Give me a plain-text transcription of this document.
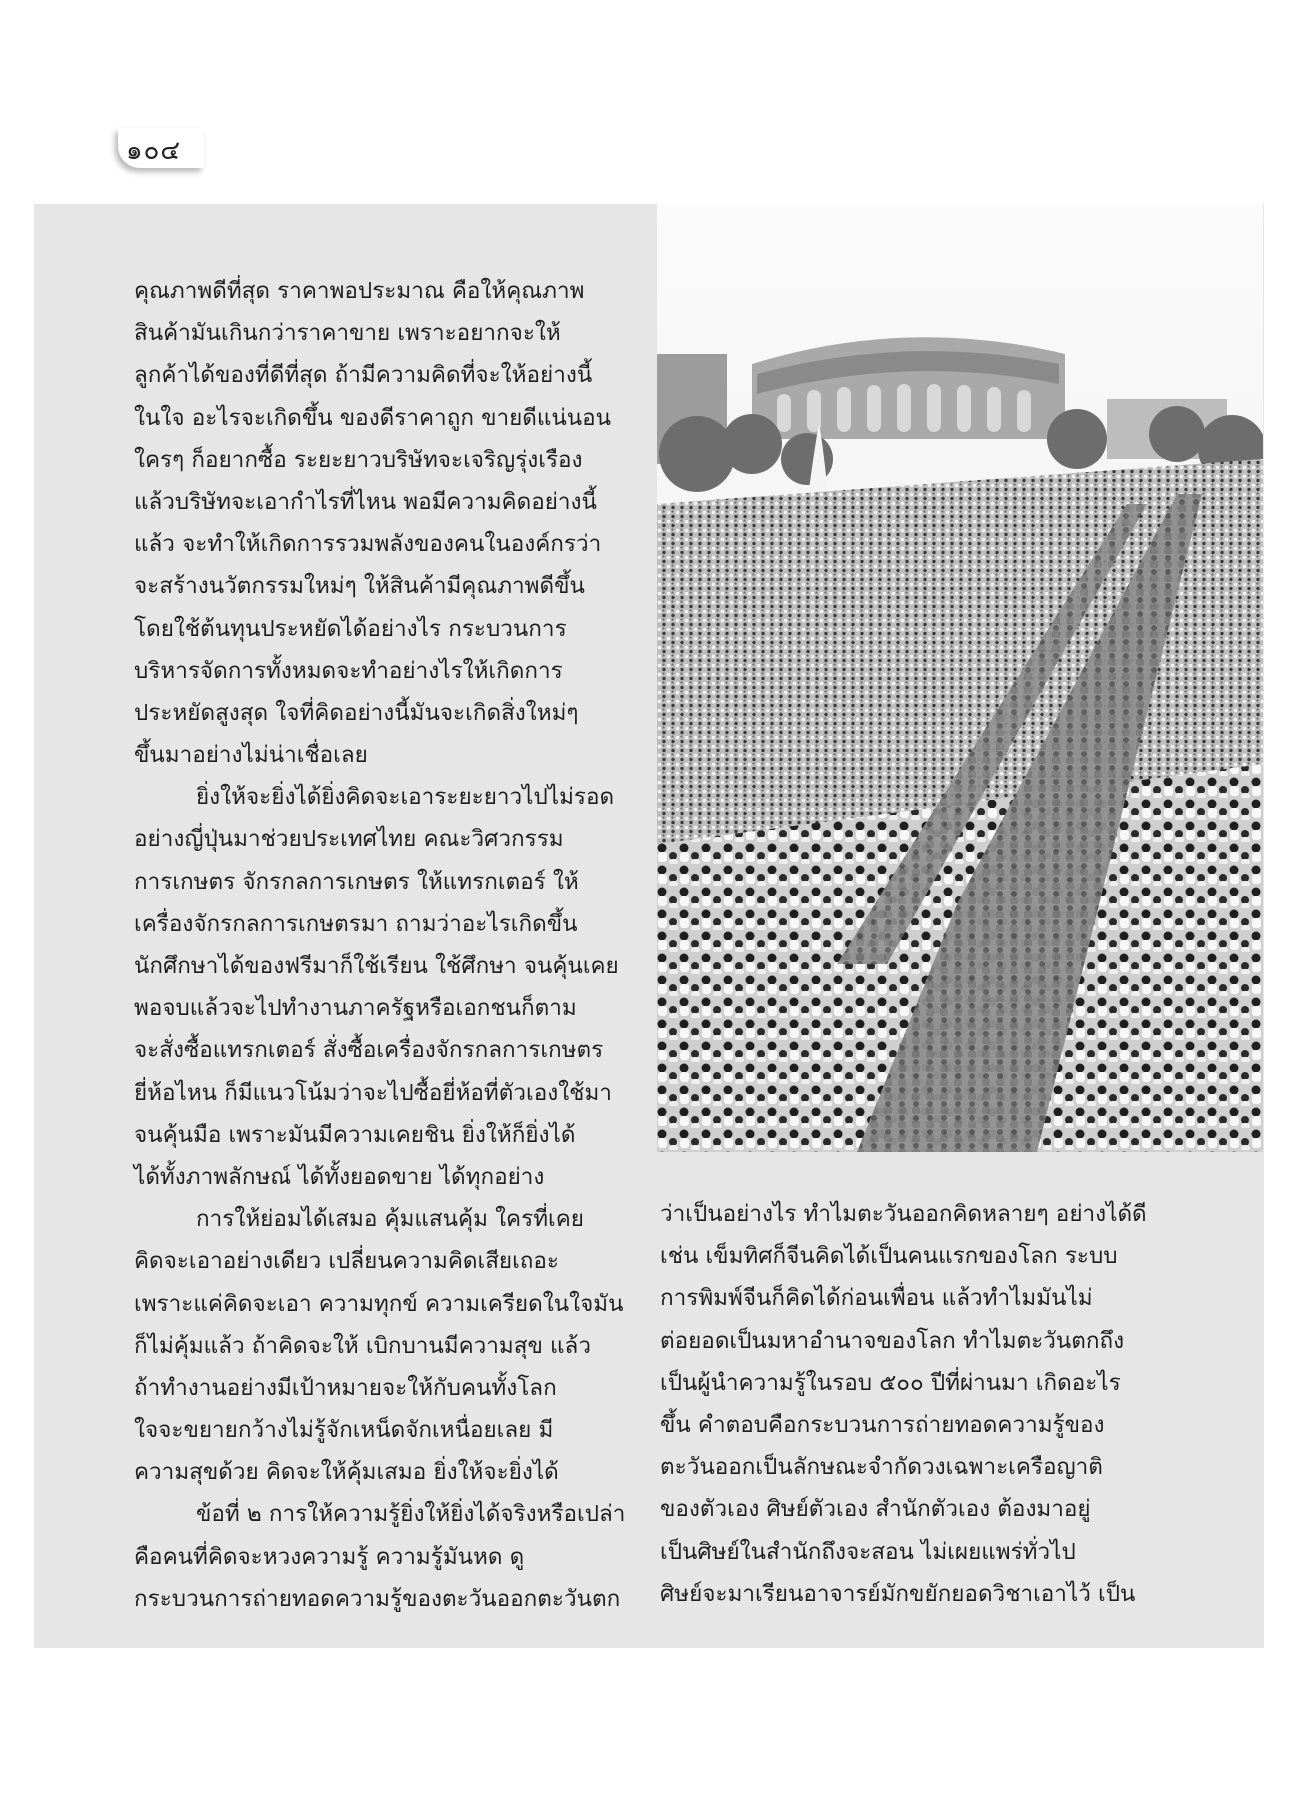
๑๐๔
คุณภาพดีที่สุด ราคาพอประมาณ คือให้คุณภาพ
สินค้ามันเกินกว่าราคาขาย เพราะอยากจะให้
ลูกค้าได้ของที่ดีที่สุด ถ้ามีความคิดที่จะให้อย่างนี้
ในใจ อะไรจะเกิดขึ้น ของดีราคาถูก ขายดีแน่นอน
ใครๆ ก็อยากซื้อ ระยะยาวบริษัทจะเจริญรุ่งเรือง
แล้วบริษัทจะเอากำไรที่ไหน พอมีความคิดอย่างนี้
แล้ว จะทำให้เกิดการรวมพลังของคนในองค์กรว่า
จะสร้างนวัตกรรมใหม่ๆ ให้สินค้ามีคุณภาพดีขึ้น
โดยใช้ต้นทุนประหยัดได้อย่างไร กระบวนการ
บริหารจัดการทั้งหมดจะทำอย่างไรให้เกิดการ
ประหยัดสูงสุด ใจที่คิดอย่างนี้มันจะเกิดสิ่งใหม่ๆ
ขึ้นมาอย่างไม่น่าเชื่อเลย
ยิ่งให้จะยิ่งได้ยิ่งคิดจะเอาระยะยาวไปไม่รอด
อย่างญี่ปุ่นมาช่วยประเทศไทย คณะวิศวกรรม
การเกษตร จักรกลการเกษตร ให้แทรกเตอร์ ให้
เครื่องจักรกลการเกษตรมา ถามว่าอะไรเกิดขึ้น
นักศึกษาได้ของฟรีมาก็ใช้เรียน ใช้ศึกษา จนคุ้นเคย
พอจบแล้วจะไปทำงานภาครัฐหรือเอกชนก็ตาม
จะสั่งซื้อแทรกเตอร์ สั่งซื้อเครื่องจักรกลการเกษตร
ยี่ห้อไหน ก็มีแนวโน้มว่าจะไปซื้อยี่ห้อที่ตัวเองใช้มา
จนคุ้นมือ เพราะมันมีความเคยชิน ยิ่งให้ก็ยิ่งได้
ได้ทั้งภาพลักษณ์ ได้ทั้งยอดขาย ได้ทุกอย่าง
การให้ย่อมได้เสมอ คุ้มแสนคุ้ม ใครที่เคย
คิดจะเอาอย่างเดียว เปลี่ยนความคิดเสียเถอะ
เพราะแค่คิดจะเอา ความทุกข์ ความเครียดในใจมัน
ก็ไม่คุ้มแล้ว ถ้าคิดจะให้ เบิกบานมีความสุข แล้ว
ถ้าทำงานอย่างมีเป้าหมายจะให้กับคนทั้งโลก
ใจจะขยายกว้างไม่รู้จักเหน็ดจักเหนื่อยเลย มี
ความสุขด้วย คิดจะให้คุ้มเสมอ ยิ่งให้จะยิ่งได้
ข้อที่ ๒ การให้ความรู้ยิ่งให้ยิ่งได้จริงหรือเปล่า
คือคนที่คิดจะหวงความรู้ ความรู้มันหด ดู
กระบวนการถ่ายทอดความรู้ของตะวันออกตะวันตก
ว่าเป็นอย่างไร ทำไมตะวันออกคิดหลายๆ อย่างได้ดี
เช่น เข็มทิศก็จีนคิดได้เป็นคนแรกของโลก ระบบ
การพิมพ์จีนก็คิดได้ก่อนเพื่อน แล้วทำไมมันไม่
ต่อยอดเป็นมหาอำนาจของโลก ทำไมตะวันตกถึง
เป็นผู้นำความรู้ในรอบ ๕๐๐ ปีที่ผ่านมา เกิดอะไร
ขึ้น คำตอบคือกระบวนการถ่ายทอดความรู้ของ
ตะวันออกเป็นลักษณะจำกัดวงเฉพาะเครือญาติ
ของตัวเอง ศิษย์ตัวเอง สำนักตัวเอง ต้องมาอยู่
เป็นศิษย์ในสำนักถึงจะสอน ไม่เผยแพร่ทั่วไป
ศิษย์จะมาเรียนอาจารย์มักขยักยอดวิชาเอาไว้ เป็น
